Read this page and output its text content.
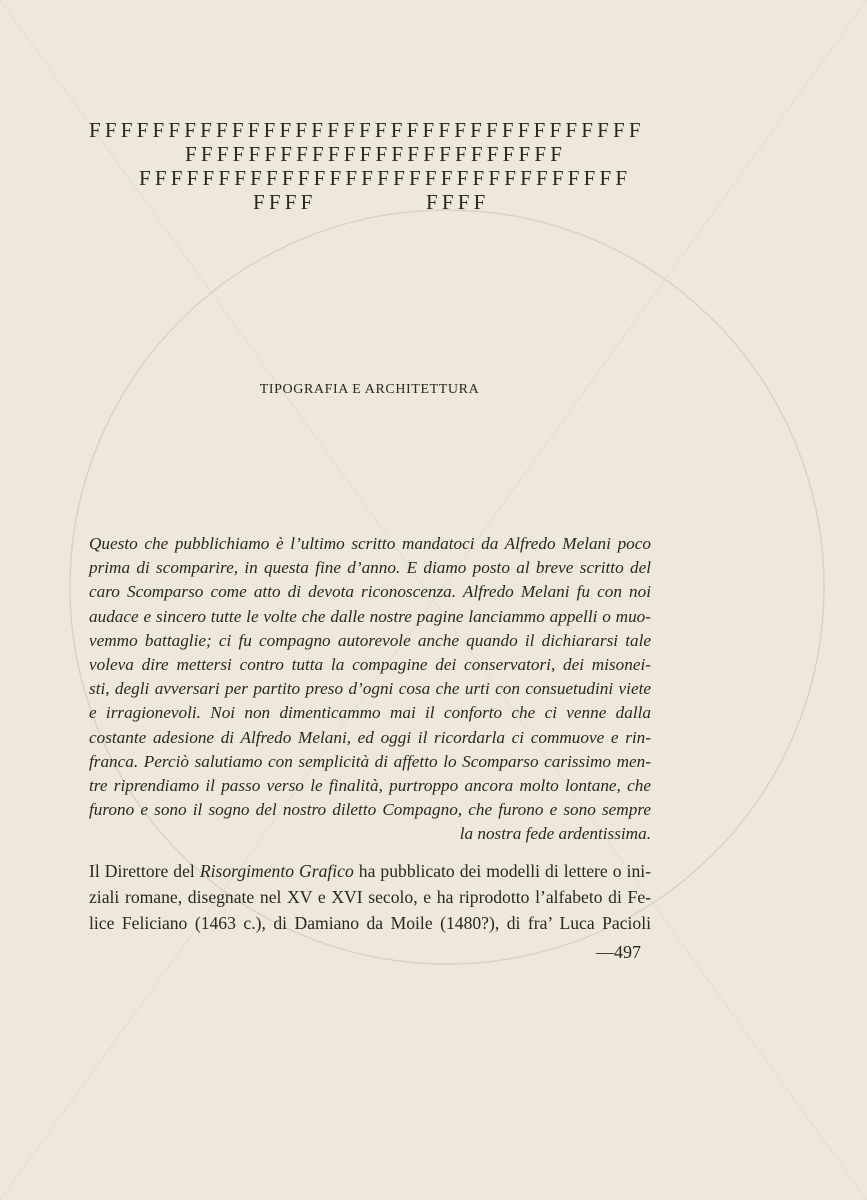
FFFFFFFFFFFFFFFFFFFFFFFFFFFFFFFFFFF
FFFFFFFFFFFFFFFFFFFFFFFF
FFFFFFFFFFFFFFFFFFFFFFFFFFFFFFF
FFFF	FFFF
TIPOGRAFIA E ARCHITETTURA
Questo che pubblichiamo è l’ultimo scritto mandatoci da Alfredo Melani poco
prima di scomparire, in questa fine d’anno. E diamo posto al breve scritto del
caro Scomparso come atto di devota riconoscenza. Alfredo Melani fu con noi
audace e sincero tutte le volte che dalle nostre pagine lanciammo appelli o muo-
vemmo battaglie; ci fu compagno autorevole anche quando il dichiararsi tale
voleva dire mettersi contro tutta la compagine dei conservatori, dei misonei-
sti, degli avversari per partito preso d’ogni cosa che urti con consuetudini viete
e irragionevoli. Noi non dimenticammo mai il conforto che ci venne dalla
costante adesione di Alfredo Melani, ed oggi il ricordarla ci commuove e rin-
franca. Perciò salutiamo con semplicità di affetto lo Scomparso carissimo men-
tre riprendiamo il passo verso le finalità, purtroppo ancora molto lontane, che
furono e sono il sogno del nostro diletto Compagno, che furono e sono sempre
la nostra fede ardentissima.
Il Direttore del Risorgimento Grafico ha pubblicato dei modelli di lettere o ini-
ziali romane, disegnate nel XV e XVI secolo, e ha riprodotto l’alfabeto di Fe-
lice Feliciano (1463 c.), di Damiano da Moile (1480?), di fra’ Luca Pacioli
—497
